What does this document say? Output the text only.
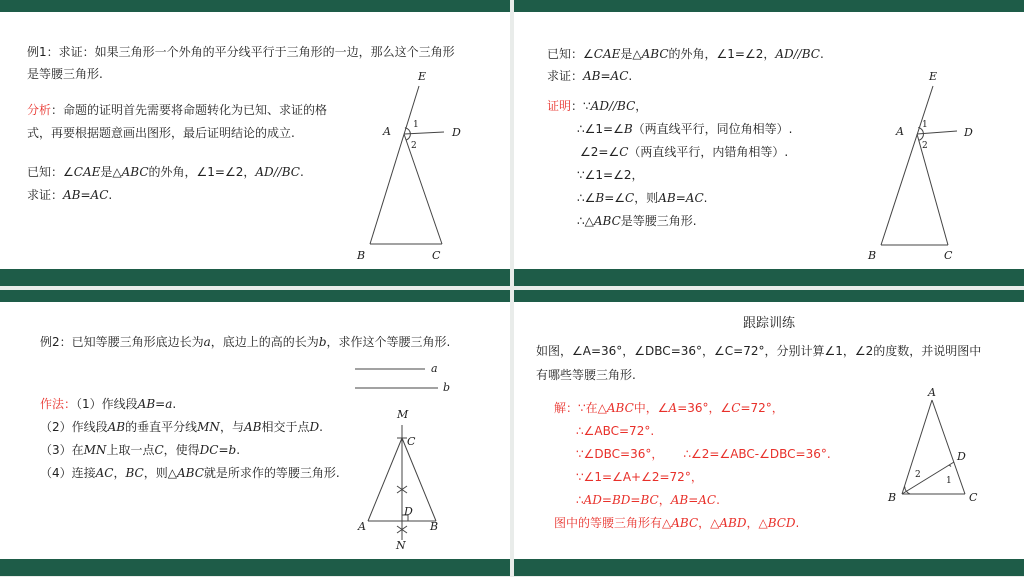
例1：求证：如果三角形一个外角的平分线平行于三角形的一边，那么这个三角形
是等腰三角形.
分析：命题的证明首先需要将命题转化为已知、求证的格
式，再要根据题意画出图形，最后证明结论的成立.
已知：∠CAE是△ABC的外角，∠1=∠2，AD//BC.
求证：AB=AC.
E
A	D
B	C
1
2
已知：∠CAE是△ABC的外角，∠1=∠2，AD//BC.
求证：AB=AC.
证明：∵AD//BC，
∴∠1=∠B（两直线平行，同位角相等）.
∠2=∠C（两直线平行，内错角相等）.
∵∠1=∠2，
∴∠B=∠C，则AB=AC.
∴△ABC是等腰三角形.
E
A	D
B	C
1
2
例2：已知等腰三角形底边长为a，底边上的高的长为b，求作这个等腰三角形.
a
b
作法：（1）作线段AB=a.
（2）作线段AB的垂直平分线MN，与AB相交于点D.
（3）在MN上取一点C，使得DC=b.
（4）连接AC，BC，则△ABC就是所求作的等腰三角形.
M
C
D
A	B
N
跟踪训练
如图，∠A=36°，∠DBC=36°，∠C=72°，分别计算∠1，∠2的度数，并说明图中
有哪些等腰三角形.
解：∵在△ABC中，∠A=36°，∠C=72°，
∴∠ABC=72°.
∵∠DBC=36°， ∴∠2=∠ABC-∠DBC=36°.
∵∠1=∠A+∠2=72°，
∴AD=BD=BC，AB=AC.
图中的等腰三角形有△ABC，△ABD，△BCD.
A
D
B	C
1
2
